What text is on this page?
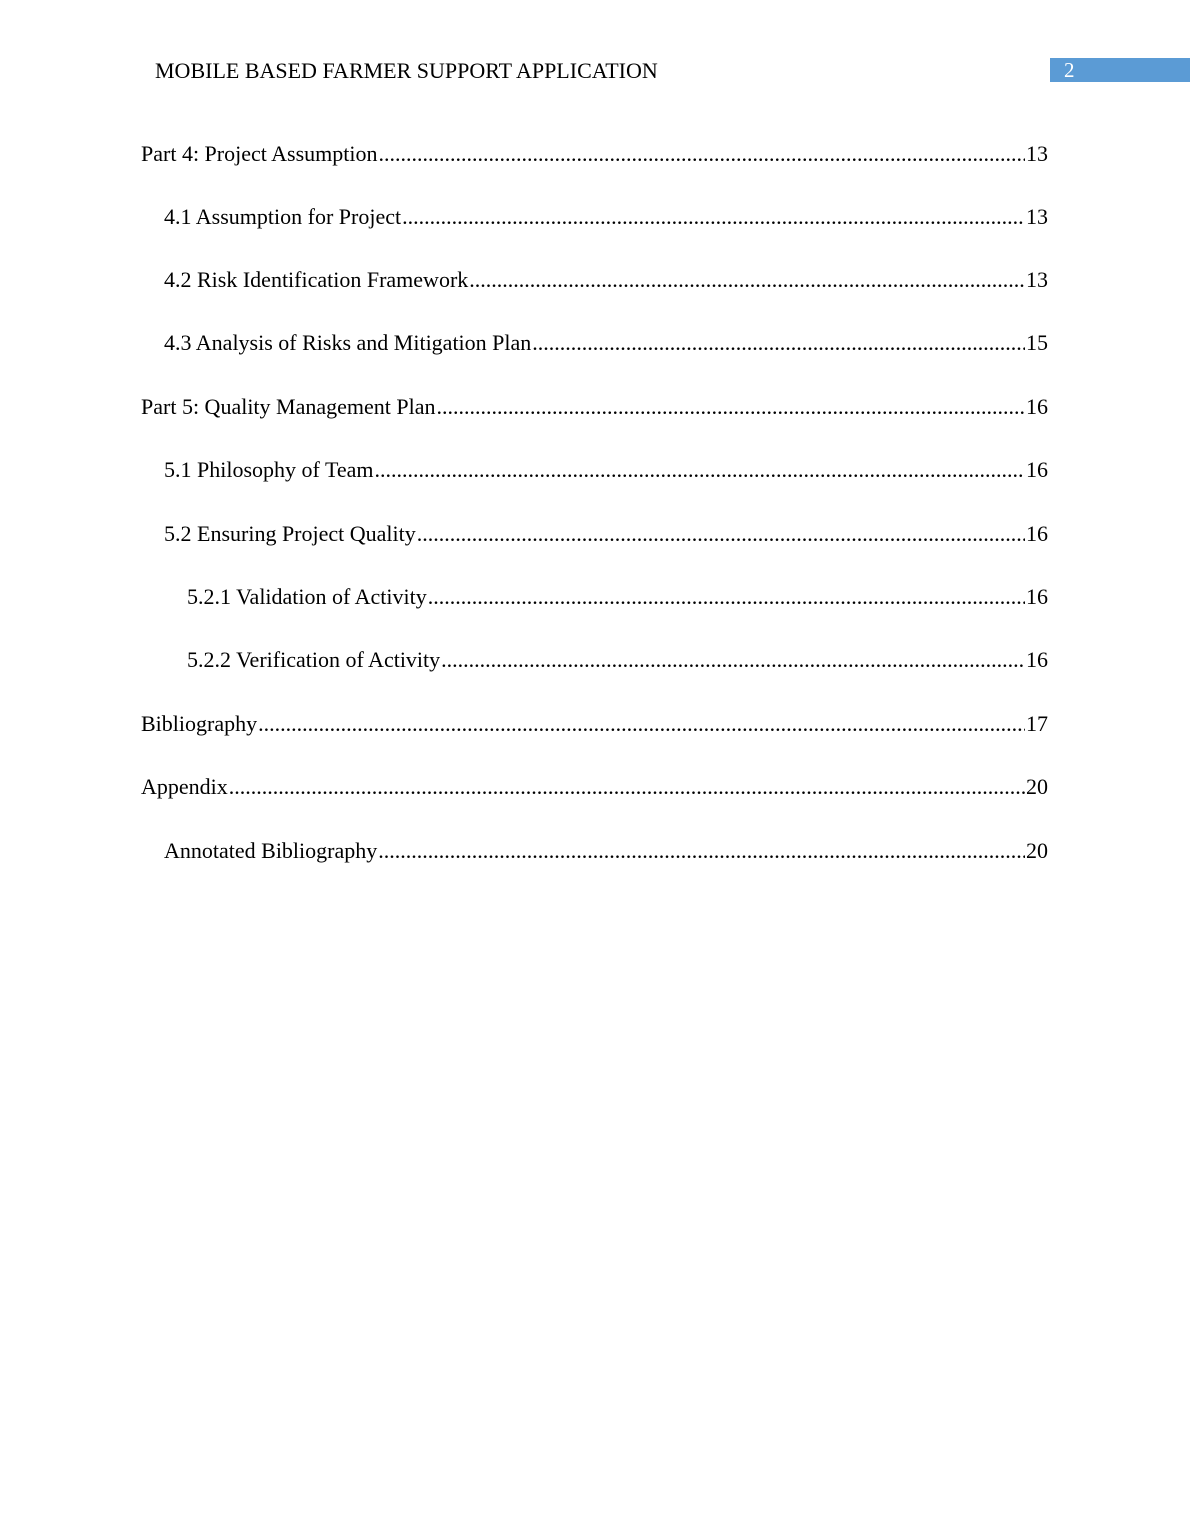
MOBILE BASED FARMER SUPPORT APPLICATION	2
Part 4: Project Assumption .....	13
4.1 Assumption for Project .....	13
4.2 Risk Identification Framework .....	13
4.3 Analysis of Risks and Mitigation Plan .....	15
Part 5: Quality Management Plan .....	16
5.1 Philosophy of Team .....	16
5.2 Ensuring Project Quality .....	16
5.2.1 Validation of Activity .....	16
5.2.2 Verification of Activity .....	16
Bibliography .....	17
Appendix .....	20
Annotated Bibliography .....	20
